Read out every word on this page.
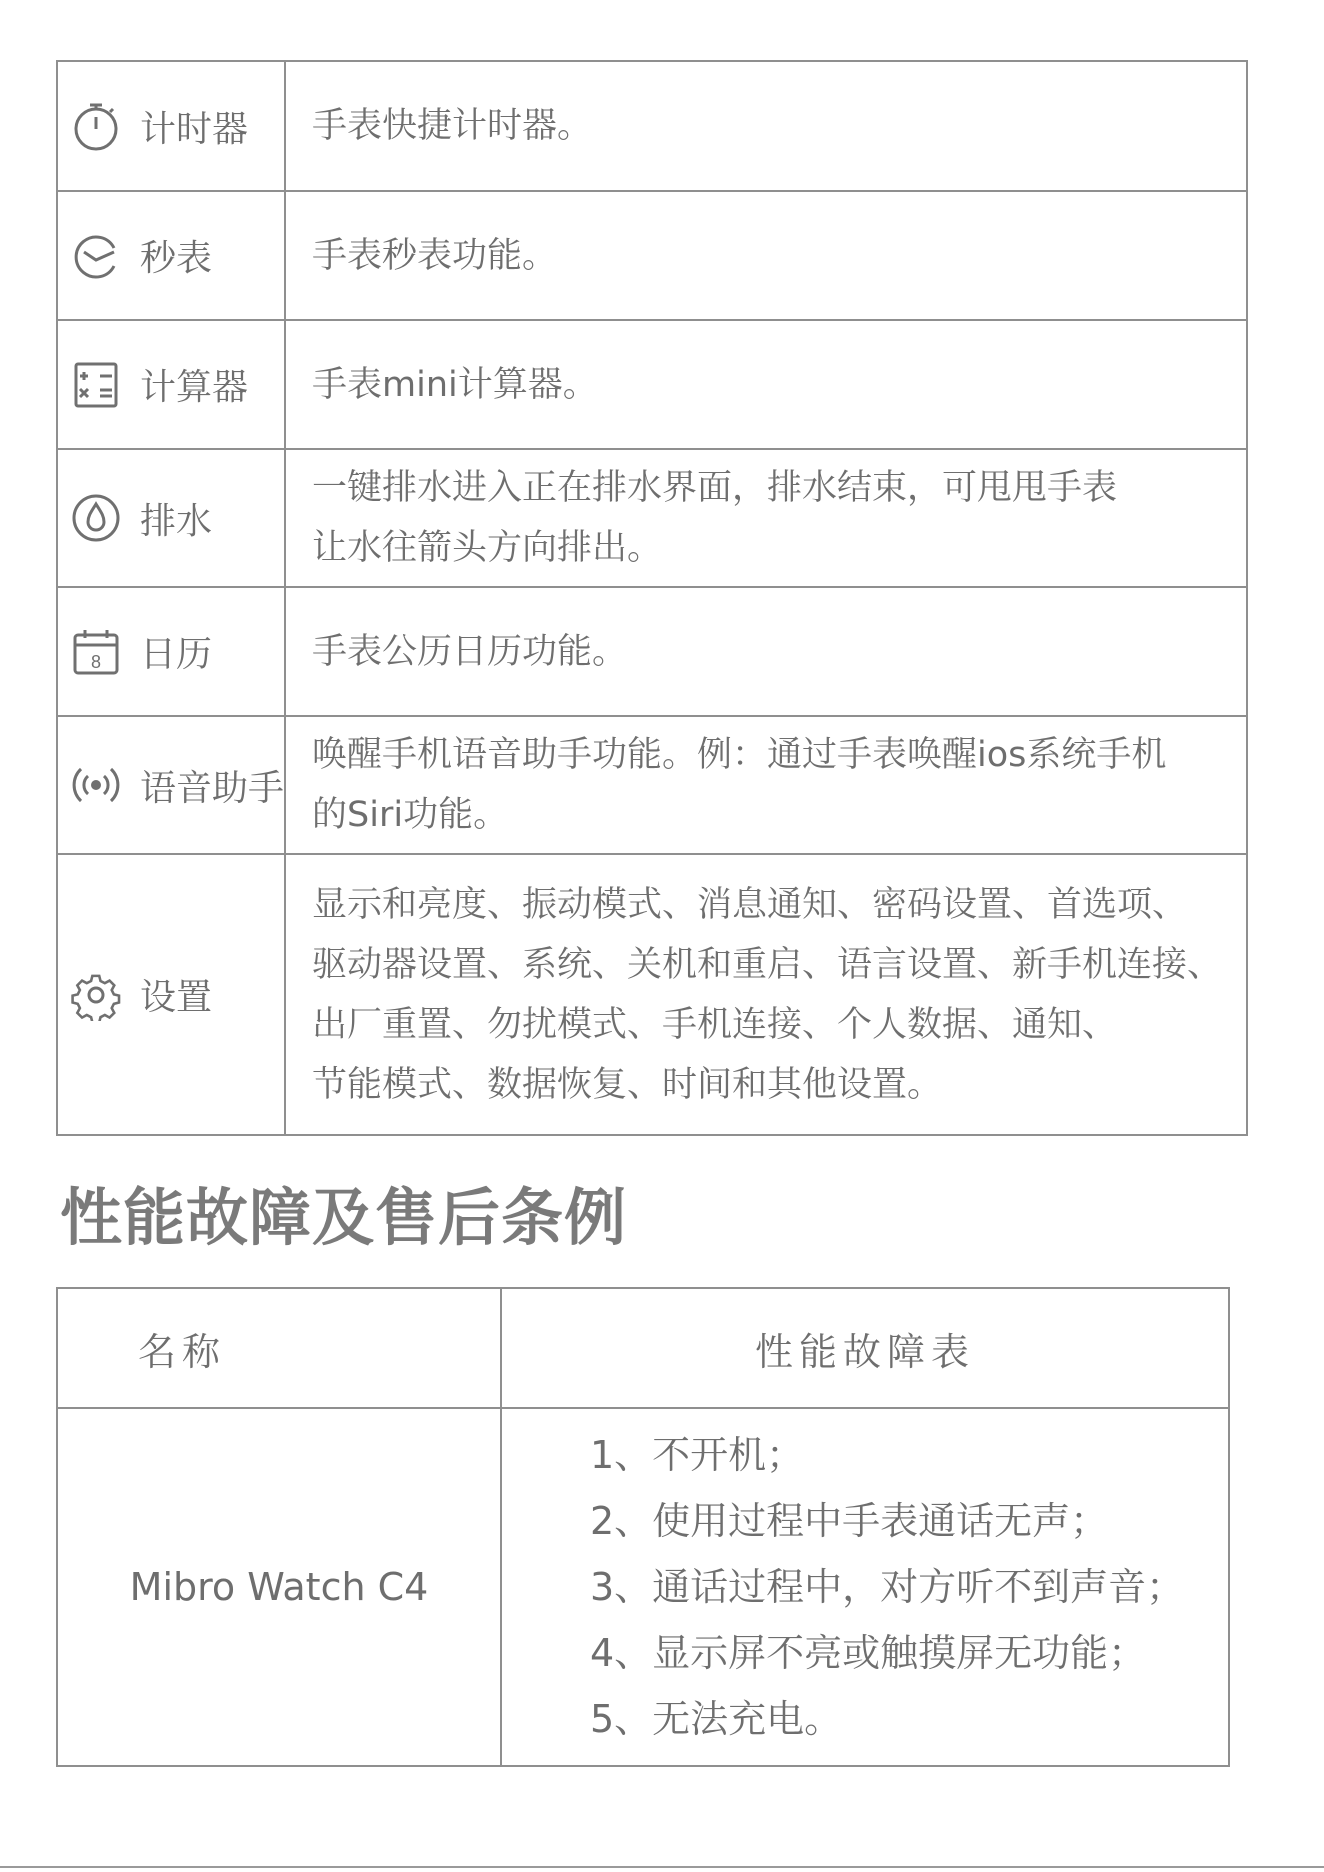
计时器	手表快捷计时器。

秒表	手表秒表功能。

计算器	手表mini计算器。

排水	一键排水进入正在排水界面，排水结束，可甩甩手表
让水往箭头方向排出。

8 日历	手表公历日历功能。

语音助手	唤醒手机语音助手功能。例：通过手表唤醒ios系统手机
的Siri功能。

设置	显示和亮度、振动模式、消息通知、密码设置、首选项、
驱动器设置、系统、关机和重启、语言设置、新手机连接、
出厂重置、勿扰模式、手机连接、个人数据、通知、
节能模式、数据恢复、时间和其他设置。
性能故障及售后条例
名称	性能故障表
Mibro Watch C4	1、不开机；
2、使用过程中手表通话无声；
3、通话过程中，对方听不到声音；
4、显示屏不亮或触摸屏无功能；
5、无法充电。
